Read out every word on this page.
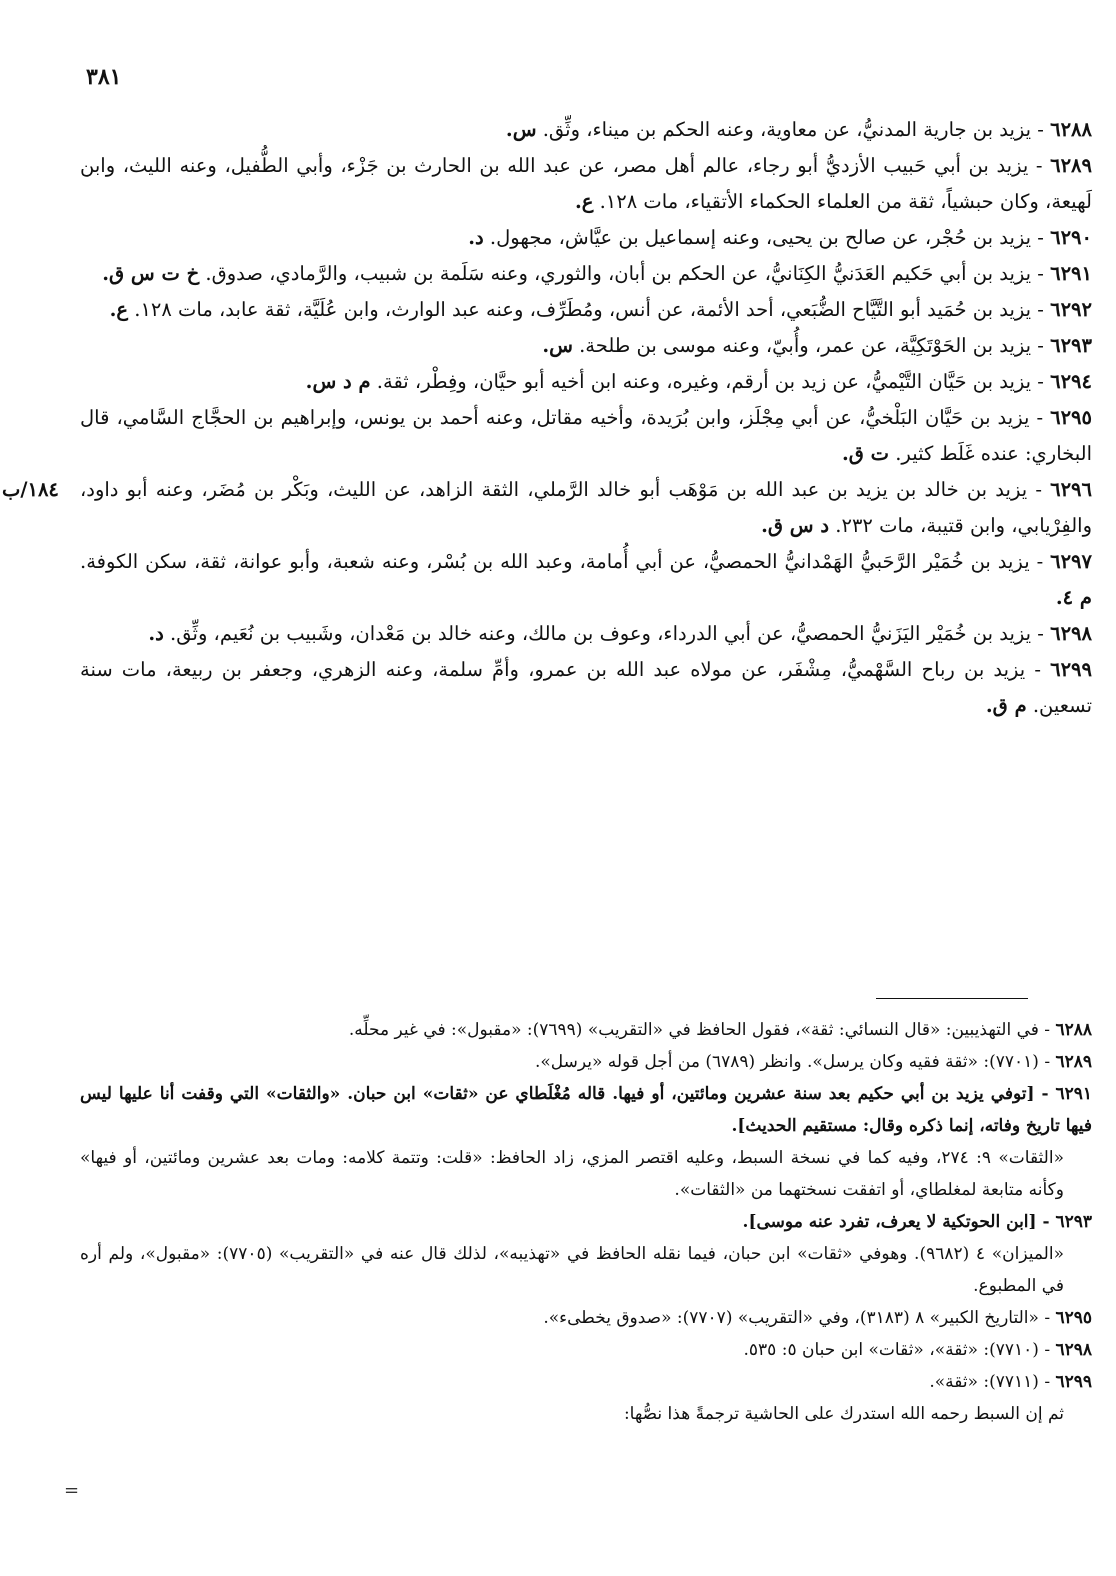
٣٨١

٦٢٨٨ - يزيد بن جارية المدنيُّ، عن معاوية، وعنه الحكم بن ميناء، وثِّق. س.

٦٢٨٩ - يزيد بن أبي حَبيب الأزديُّ أبو رجاء، عالم أهل مصر، عن عبد الله بن الحارث بن جَزْء، وأبي الطُّفيل، وعنه الليث، وابن لَهيعة، وكان حبشياً، ثقة من العلماء الحكماء الأتقياء، مات ١٢٨. ع.

٦٢٩٠ - يزيد بن حُجْر، عن صالح بن يحيى، وعنه إسماعيل بن عيَّاش، مجهول. د.

٦٢٩١ - يزيد بن أبي حَكيم العَدَنيُّ الكِنَانيُّ، عن الحكم بن أبان، والثوري، وعنه سَلَمة بن شبيب، والرَّمادي، صدوق. خ ت س ق.

٦٢٩٢ - يزيد بن حُمَيد أبو التَّيَّاح الضُّبَعي، أحد الأئمة، عن أنس، ومُطَرِّف، وعنه عبد الوارث، وابن عُلَيَّة، ثقة عابد، مات ١٢٨. ع.

٦٢٩٣ - يزيد بن الحَوْتَكِيَّة، عن عمر، وأُبيّ، وعنه موسى بن طلحة. س.

٦٢٩٤ - يزيد بن حَيَّان التَّيْميُّ، عن زيد بن أرقم، وغيره، وعنه ابن أخيه أبو حيَّان، وفِطْر، ثقة. م د س.

٦٢٩٥ - يزيد بن حَيَّان البَلْخيُّ، عن أبي مِجْلَز، وابن بُرَيدة، وأخيه مقاتل، وعنه أحمد بن يونس، وإبراهيم بن الحجَّاج السَّامي، قال البخاري: عنده غَلَط كثير. ت ق.

٦٢٩٦ - يزيد بن خالد بن يزيد بن عبد الله بن مَوْهَب أبو خالد الرَّملي، الثقة الزاهد، عن الليث، وبَكْر بن مُضَر، وعنه أبو داود، والفِرْيابي، وابن قتيبة، مات ٢٣٢. د س ق.
١٨٤/ب

٦٢٩٧ - يزيد بن خُمَيْر الرَّحَبيُّ الهَمْدانيُّ الحمصيُّ، عن أبي أُمامة، وعبد الله بن بُسْر، وعنه شعبة، وأبو عوانة، ثقة، سكن الكوفة. م ٤.

٦٢٩٨ - يزيد بن خُمَيْر اليَزَنيُّ الحمصيُّ، عن أبي الدرداء، وعوف بن مالك، وعنه خالد بن مَعْدان، وشَبيب بن نُعَيم، وثِّق. د.

٦٢٩٩ - يزيد بن رباح السَّهْميُّ، مِشْفَر، عن مولاه عبد الله بن عمرو، وأمِّ سلمة، وعنه الزهري، وجعفر بن ربيعة، مات سنة تسعين. م ق.

٦٢٨٨ - في التهذيبين: «قال النسائي: ثقة»، فقول الحافظ في «التقريب» (٧٦٩٩): «مقبول»: في غير محلِّه.

٦٢٨٩ - (٧٧٠١): «ثقة فقيه وكان يرسل». وانظر (٦٧٨٩) من أجل قوله «يرسل».

٦٢٩١ - [توفي يزيد بن أبي حكيم بعد سنة عشرين ومائتين، أو فيها. قاله مُغْلَطاي عن «ثقات» ابن حبان. «والثقات» التي وقفت أنا عليها ليس فيها تاريخ وفاته، إنما ذكره وقال: مستقيم الحديث].

«الثقات» ٩: ٢٧٤، وفيه كما في نسخة السبط، وعليه اقتصر المزي، زاد الحافظ: «قلت: وتتمة كلامه: ومات بعد عشرين ومائتين، أو فيها» وكأنه متابعة لمغلطاي، أو اتفقت نسختهما من «الثقات».

٦٢٩٣ - [ابن الحوتكية لا يعرف، تفرد عنه موسى].

«الميزان» ٤ (٩٦٨٢). وهوفي «ثقات» ابن حبان، فيما نقله الحافظ في «تهذيبه»، لذلك قال عنه في «التقريب» (٧٧٠٥): «مقبول»، ولم أره في المطبوع.

٦٢٩٥ - «التاريخ الكبير» ٨ (٣١٨٣)، وفي «التقريب» (٧٧٠٧): «صدوق يخطىء».

٦٢٩٨ - (٧٧١٠): «ثقة»، «ثقات» ابن حبان ٥: ٥٣٥.

٦٢٩٩ - (٧٧١١): «ثقة».

ثم إن السبط رحمه الله استدرك على الحاشية ترجمةً هذا نصُّها:

=
